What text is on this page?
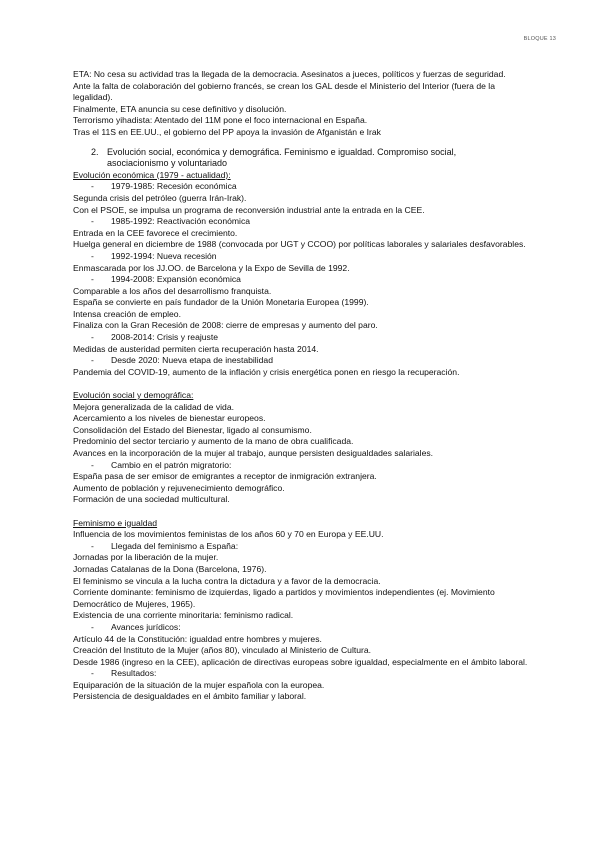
BLOQUE 13

ETA: No cesa su actividad tras la llegada de la democracia. Asesinatos a jueces, políticos y fuerzas de seguridad.

Ante la falta de colaboración del gobierno francés, se crean los GAL desde el Ministerio del Interior (fuera de la legalidad).

Finalmente, ETA anuncia su cese definitivo y disolución.

Terrorismo yihadista: Atentado del 11M pone el foco internacional en España.

Tras el 11S en EE.UU., el gobierno del PP apoya la invasión de Afganistán e Irak

2. Evolución social, económica y demográfica. Feminismo e igualdad. Compromiso social,
asociacionismo y voluntariado

Evolución económica (1979 - actualidad):

- 1979-1985: Recesión económica

Segunda crisis del petróleo (guerra Irán-Irak).

Con el PSOE, se impulsa un programa de reconversión industrial ante la entrada en la CEE.

- 1985-1992: Reactivación económica

Entrada en la CEE favorece el crecimiento.

Huelga general en diciembre de 1988 (convocada por UGT y CCOO) por políticas laborales y salariales desfavorables.

- 1992-1994: Nueva recesión

Enmascarada por los JJ.OO. de Barcelona y la Expo de Sevilla de 1992.

- 1994-2008: Expansión económica

Comparable a los años del desarrollismo franquista.

España se convierte en país fundador de la Unión Monetaria Europea (1999).

Intensa creación de empleo.

Finaliza con la Gran Recesión de 2008: cierre de empresas y aumento del paro.

- 2008-2014: Crisis y reajuste

Medidas de austeridad permiten cierta recuperación hasta 2014.

- Desde 2020: Nueva etapa de inestabilidad

Pandemia del COVID-19, aumento de la inflación y crisis energética ponen en riesgo la recuperación.

Evolución social y demográfica:

Mejora generalizada de la calidad de vida.

Acercamiento a los niveles de bienestar europeos.

Consolidación del Estado del Bienestar, ligado al consumismo.

Predominio del sector terciario y aumento de la mano de obra cualificada.

Avances en la incorporación de la mujer al trabajo, aunque persisten desigualdades salariales.

- Cambio en el patrón migratorio:

España pasa de ser emisor de emigrantes a receptor de inmigración extranjera.

Aumento de población y rejuvenecimiento demográfico.

Formación de una sociedad multicultural.

Feminismo e igualdad

Influencia de los movimientos feministas de los años 60 y 70 en Europa y EE.UU.

- Llegada del feminismo a España:

Jornadas por la liberación de la mujer.

Jornadas Catalanas de la Dona (Barcelona, 1976).

El feminismo se vincula a la lucha contra la dictadura y a favor de la democracia.

Corriente dominante: feminismo de izquierdas, ligado a partidos y movimientos independientes (ej. Movimiento Democrático de Mujeres, 1965).

Existencia de una corriente minoritaria: feminismo radical.

- Avances jurídicos:

Artículo 44 de la Constitución: igualdad entre hombres y mujeres.

Creación del Instituto de la Mujer (años 80), vinculado al Ministerio de Cultura.

Desde 1986 (ingreso en la CEE), aplicación de directivas europeas sobre igualdad, especialmente en el ámbito laboral.

- Resultados:

Equiparación de la situación de la mujer española con la europea.

Persistencia de desigualdades en el ámbito familiar y laboral.
